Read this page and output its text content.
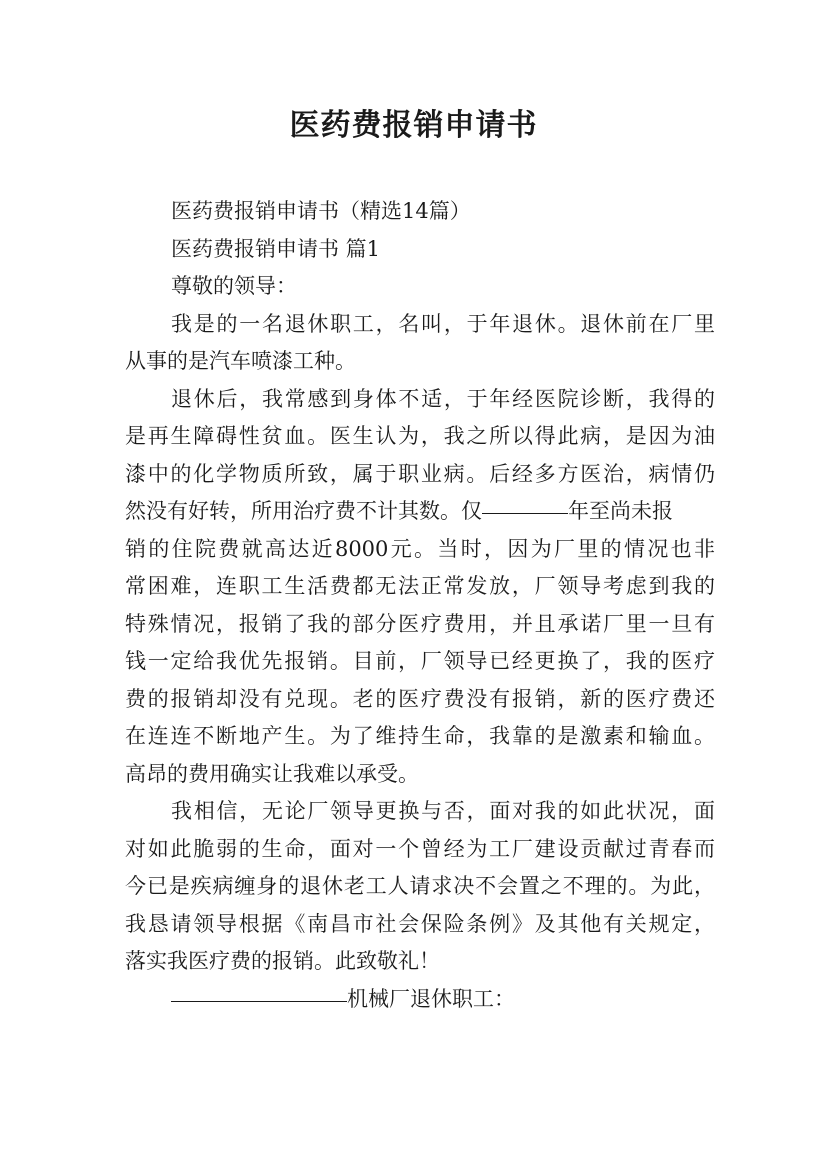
医药费报销申请书
医药费报销申请书（精选14篇）
医药费报销申请书 篇1
尊敬的领导：
我是的一名退休职工，名叫，于年退休。退休前在厂里
从事的是汽车喷漆工种。
退休后，我常感到身体不适，于年经医院诊断，我得的
是再生障碍性贫血。医生认为，我之所以得此病，是因为油
漆中的化学物质所致，属于职业病。后经多方医治，病情仍
然没有好转，所用治疗费不计其数。仅	年至尚未报
销的住院费就高达近8000元。当时，因为厂里的情况也非
常困难，连职工生活费都无法正常发放，厂领导考虑到我的
特殊情况，报销了我的部分医疗费用，并且承诺厂里一旦有
钱一定给我优先报销。目前，厂领导已经更换了，我的医疗
费的报销却没有兑现。老的医疗费没有报销，新的医疗费还
在连连不断地产生。为了维持生命，我靠的是激素和输血。
高昂的费用确实让我难以承受。
我相信，无论厂领导更换与否，面对我的如此状况，面
对如此脆弱的生命，面对一个曾经为工厂建设贡献过青春而
今已是疾病缠身的退休老工人请求决不会置之不理的。为此，
我恳请领导根据《南昌市社会保险条例》及其他有关规定，
落实我医疗费的报销。此致敬礼！
机械厂退休职工：
